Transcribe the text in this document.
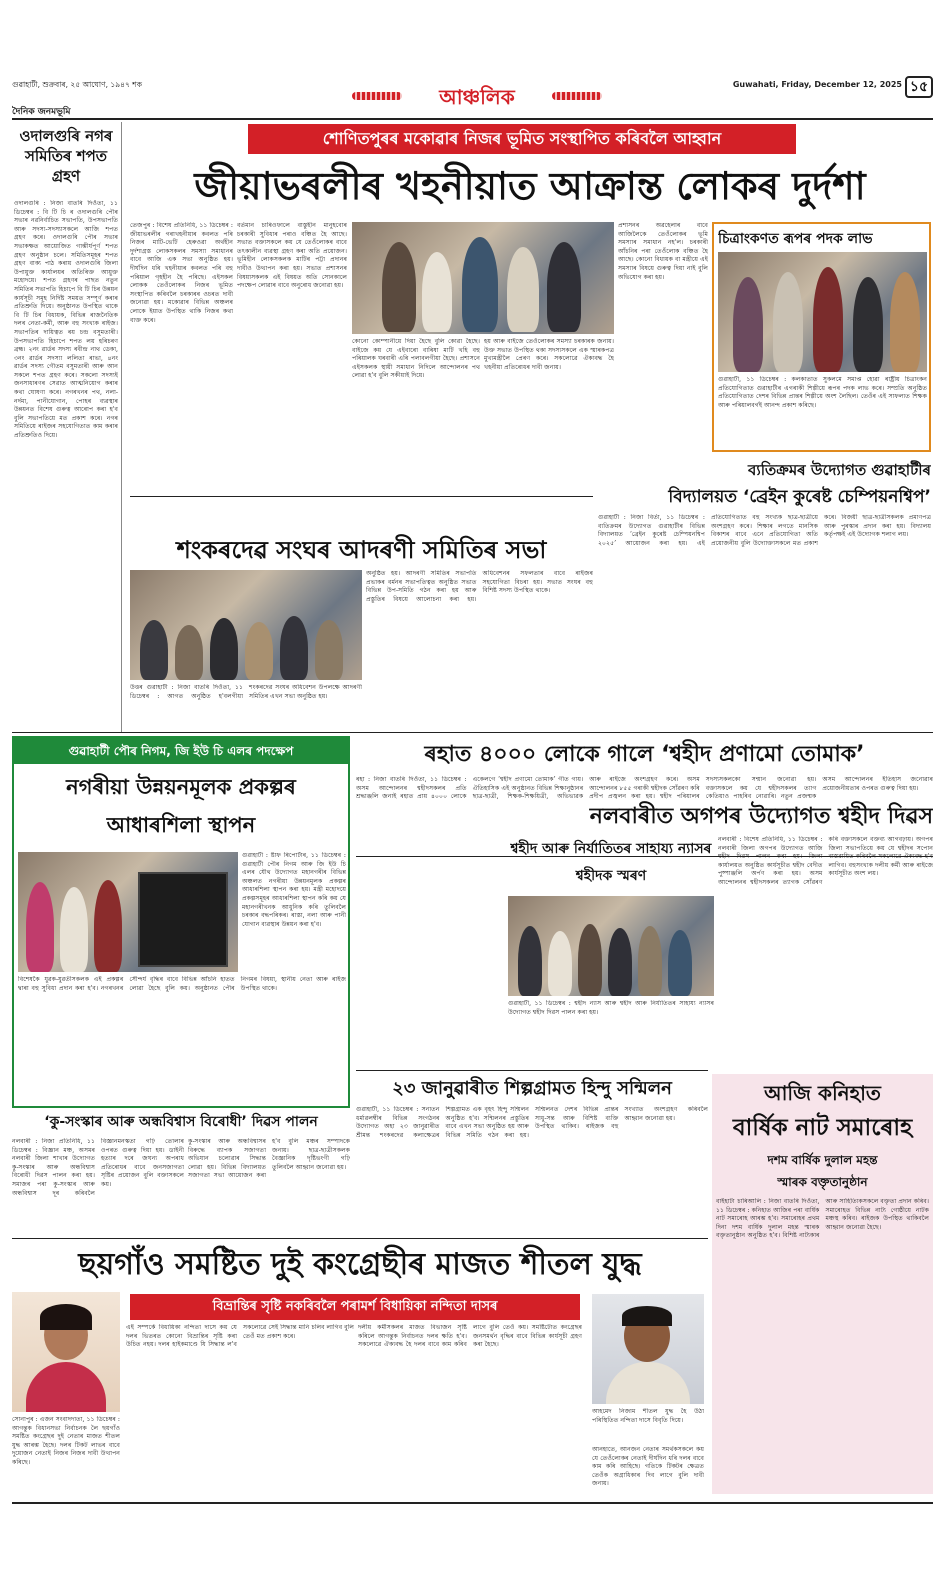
গুৱাহাটী, শুক্ৰবাৰ, ২৫ আঘোণ, ১৯৪৭ শক
দৈনিক জনমভূমি
আঞ্চলিক
Guwahati, Friday, December 12, 2025 ১৫
ওদালগুৰি নগৰ সমিতিৰ শপত গ্ৰহণ
ওদালগুৰি : নিজা বাতৰি দিওঁতা, ১১ ডিচেম্বৰ : বি টি চি ৰ ওদালগুৰি পৌৰ সভাৰ নৱনিৰ্বাচিত সভাপতি, উপসভাপতি আৰু সদস্য-সদস্যাসকলে আজি শপত গ্ৰহণ কৰে। ওদালগুৰি পৌৰ সভাৰ সভাকক্ষত আয়োজিত গাম্ভীৰ্যপূৰ্ণ শপত গ্ৰহণ অনুষ্ঠান চলে। সমিতিসমূহৰ শপত গ্ৰহণ বাক্য পাঠ কৰায় ওদালগুৰি জিলা উপায়ুক্ত কাৰ্যালয়ৰ অতিৰিক্ত আয়ুক্ত মহোদয়ে। শপত গ্ৰহণৰ পাছত নতুন সমিতিৰ সভাপতি হিচাপে বি টি চিৰ উন্নয়ন কাৰ্যসূচী সমূহ নিৰ্দিষ্ট সময়ত সম্পূৰ্ণ কৰাৰ প্ৰতিশ্ৰুতি দিয়ে। অনুষ্ঠানত উপস্থিত থাকে বি টি চিৰ বিধায়ক, বিভিন্ন ৰাজনৈতিক দলৰ নেতা-কৰ্মী, আৰু বহু সংখ্যক ৰাইজ। সভাপতিৰ দায়িত্বত ৰয় চন্দ্ৰ বসুমতাৰী। উপসভাপতি হিচাপে শপত লয় হৰিচৰণ ব্ৰহ্ম। ২নং ৱাৰ্ডৰ সদস্য ৰবীন্দ্ৰ নাথ ডেকা, ৩নং ৱাৰ্ডৰ সদস্যা ললিতা ৰাভা, ৪নং ৱাৰ্ডৰ সদস্য গৌতম বসুমতাৰী আৰু আন সকলে শপত গ্ৰহণ কৰে। সকলো সদস্যই জনসাধাৰণৰ সেৱাত আত্মনিয়োগ কৰাৰ কথা ঘোষণা কৰে। নগৰখনৰ পথ, নলা-নৰ্দমা, পানীযোগান, পোহৰ ব্যৱস্থাৰ উন্নয়নত বিশেষ গুৰুত্ব আৰোপ কৰা হ'ব বুলি সভাপতিয়ে মত প্ৰকাশ কৰে। নগৰ সমিতিয়ে ৰাইজৰ সহযোগিতাত কাম কৰাৰ প্ৰতিশ্ৰুতিও দিয়ে।
শোণিতপুৰৰ মকোৱাৰ নিজৰ ভূমিত সংস্থাপিত কৰিবলৈ আহ্বান
জীয়াভৰলীৰ খহনীয়াত আক্ৰান্ত লোকৰ দুৰ্দশা
তেজপুৰ : বিশেষ প্ৰতিনিধি, ১১ ডিচেম্বৰ : জীয়াভৰলীৰ গৰাখহনীয়াৰ কবলত পৰি নিজৰ মাটি-ভেটি হেৰুওৱা অৰ্থহীন দুৰ্দশাগ্ৰস্ত লোকসকলৰ সমস্যা সমাধানৰ বাবে আজি এক সভা অনুষ্ঠিত হয়। দীৰ্ঘদিন ধৰি খহনীয়াৰ কবলত পৰি বহু পৰিয়াল গৃহহীন হৈ পৰিছে। এইসকল লোকক তেওঁলোকৰ নিজৰ ভূমিত সংস্থাপিত কৰিবলৈ চৰকাৰৰ ওচৰত দাবী জনোৱা হয়। মকোৱাৰ বিভিন্ন অঞ্চলৰ লোকে ইয়াত উপস্থিত থাকি নিজৰ কথা ব্যক্ত কৰে।
বৰ্তমান চাৰিওফালে বাস্তুহীন মানুহবোৰ চৰকাৰী সুবিধাৰ পৰাও বঞ্চিত হৈ আছে। সভাত বক্তাসকলে কয় যে তেওঁলোকৰ বাবে তৎকালীন ব্যৱস্থা গ্ৰহণ কৰা অতি প্ৰয়োজন। ভূমিহীন লোকসকলক মাটিৰ পট্টা প্ৰদানৰ দাবীও উত্থাপন কৰা হয়। সভাত প্ৰশাসনৰ বিষয়াসকলক এই বিষয়ত অতি সোনকালে পদক্ষেপ লোৱাৰ বাবে অনুৰোধ জনোৱা হয়।
কোনো কোম্পানীয়ে দিয়া হৈছে বুলি কোৱা হৈছে। বাইজে কয় যে এইবাৰো বাৰিষা মাটি খহি বহু পৰিয়ালক ঘৰবাৰী এৰি পলাবলগীয়া হৈছে। প্ৰশাসনে এইসকলক স্থায়ী সমাধান নিদিলে আন্দোলনৰ পথ লোৱা হ'ব বুলি সকীয়াই দিয়ে।
হয় আৰু বাইজে তেওঁলোকৰ সমস্যা চৰকাৰক জনায়। উক্ত সভাত উপস্থিত থকা সদস্যসকলে এক স্মাৰকপত্ৰ মুখ্যমন্ত্ৰীলৈ প্ৰেৰণ কৰে। সকলোৱে ঐক্যবদ্ধ হৈ খহনীয়া প্ৰতিৰোধৰ দাবী জনায়।
প্ৰশাসনৰ অৱহেলাৰ বাবে আজিলৈকে তেওঁলোকৰ ভূমি সমস্যাৰ সমাধান নহ'ল। চৰকাৰী আঁচনিৰ পৰা তেওঁলোক বঞ্চিত হৈ আছে। কোনো বিধায়ক বা মন্ত্ৰীয়ে এই সমস্যাৰ বিষয়ে গুৰুত্ব দিয়া নাই বুলি অভিযোগ কৰা হয়।
চিত্ৰাংকণত ৰূপৰ পদক লাভ
গুৱাহাটী, ১১ ডিচেম্বৰ : কলকাতাত সুকলমে সমাপ্ত হোৱা ৰাষ্ট্ৰীয় চিত্ৰাংকন প্ৰতিযোগিতাত গুৱাহাটীৰ এগৰাকী শিল্পীয়ে ৰূপৰ পদক লাভ কৰে। সম্প্ৰতি অনুষ্ঠিত প্ৰতিযোগিতাত দেশৰ বিভিন্ন প্ৰান্তৰ শিল্পীয়ে অংশ লৈছিল। তেওঁৰ এই সাফল্যত শিক্ষক আৰু পৰিয়ালবৰ্গই আনন্দ প্ৰকাশ কৰিছে।
ব্যতিক্ৰমৰ উদ্যোগত গুৱাহাটীৰ
বিদ্যালয়ত ‘ব্ৰেইন কুৰেষ্ট চেম্পিয়নশ্বিপ’
গুৱাহাটী : নিজা বিৰ্তা, ১১ ডিচেম্বৰ : ব্যতিক্ৰমৰ উদ্যোগত গুৱাহাটীৰ বিভিন্ন বিদ্যালয়ত ‘ব্ৰেইন কুৰেষ্ট চেম্পিয়নশ্বিপ ২০২৫’ আয়োজন কৰা হয়। এই প্ৰতিযোগিতাত বহু সংখ্যক ছাত্ৰ-ছাত্ৰীয়ে অংশগ্ৰহণ কৰে। শিক্ষাৰ লগতে মানসিক বিকাশৰ বাবে এনে প্ৰতিযোগিতা অতি প্ৰয়োজনীয় বুলি উদ্যোক্তাসকলে মত প্ৰকাশ কৰে। বিজয়ী ছাত্ৰ-ছাত্ৰীসকলক প্ৰমাণপত্ৰ আৰু পুৰস্কাৰ প্ৰদান কৰা হয়। বিদ্যালয় কৰ্তৃপক্ষই এই উদ্যোগক শলাগ লয়।
শংকৰদেৱ সংঘৰ আদৰণী সমিতিৰ সভা
উত্তৰ গুৱাহাটী : নিজা বাতৰি দিওঁতা, ১১ ডিচেম্বৰ : আগত অনুষ্ঠিত হ'বলগীয়া শংকৰদেৱ সংঘৰ অধিবেশন উপলক্ষে আদৰণী সমিতিৰ এখন সভা অনুষ্ঠিত হয়।
অনুষ্ঠিত হয়। আদৰণী সমিতিৰ সভাপতি প্ৰভাকৰ বৰ্মনৰ সভাপতিত্বত অনুষ্ঠিত সভাত বিভিন্ন উপ-সমিতি গঠন কৰা হয় আৰু প্ৰস্তুতিৰ বিষয়ে আলোচনা কৰা হয়। অধিবেশনৰ সফলতাৰ বাবে ৰাইজৰ সহযোগিতা বিচৰা হয়। সভাত সংঘৰ বহু বিশিষ্ট সদস্য উপস্থিত থাকে।
গুৱাহাটী পৌৰ নিগম, জি ইউ চি এলৰ পদক্ষেপ
নগৰীয়া উন্নয়নমূলক প্ৰকল্পৰ আধাৰশিলা স্থাপন
গুৱাহাটী : ষ্টাফ ৰিপোৰ্টাৰ, ১১ ডিচেম্বৰ : গুৱাহাটী পৌৰ নিগম আৰু জি ইউ চি এলৰ যৌথ উদ্যোগত মহানগৰীৰ বিভিন্ন অঞ্চলত নগৰীয়া উন্নয়নমূলক প্ৰকল্পৰ আধাৰশিলা স্থাপন কৰা হয়। মন্ত্ৰী মহোদয়ে প্ৰকল্পসমূহৰ আধাৰশিলা স্থাপন কৰি কয় যে মহানগৰীখনক আধুনিক কৰি তুলিবলৈ চৰকাৰ বদ্ধপৰিকৰ। ৰাস্তা, নলা আৰু পানী যোগান ব্যৱস্থাৰ উন্নয়ন কৰা হ'ব।
বিশেষকৈ যুৱক-যুৱতীসকলক এই প্ৰকল্পৰ দ্বাৰা বহু সুবিধা প্ৰদান কৰা হ'ব। নগৰখনৰ সৌন্দৰ্য বৃদ্ধিৰ বাবে বিভিন্ন আঁচনি হাতত লোৱা হৈছে বুলি কয়। অনুষ্ঠানত পৌৰ নিগমৰ বিষয়া, স্থানীয় নেতা আৰু ৰাইজ উপস্থিত থাকে।
ৰহাত ৪০০০ লোকে গালে ‘শ্বহীদ প্ৰণামো তোমাক’
ৰহা : নিজা বাতৰি দিওঁতা, ১১ ডিচেম্বৰ : অসম আন্দোলনৰ শ্বহীদসকলৰ প্ৰতি শ্ৰদ্ধাঞ্জলি জনাই ৰহাত প্ৰায় ৪০০০ লোকে একেলগে ‘শ্বহীদ প্ৰণামো তোমাক’ গীত গায়। ঐতিহাসিক এই অনুষ্ঠানত বিভিন্ন শিক্ষানুষ্ঠানৰ ছাত্ৰ-ছাত্ৰী, শিক্ষক-শিক্ষয়িত্ৰী, অভিভাৱক আৰু ৰাইজে অংশগ্ৰহণ কৰে। অসম আন্দোলনৰ ৮৫৫ গৰাকী শ্বহীদক সোঁৱৰণ কৰি প্ৰদীপ প্ৰজ্বলন কৰা হয়। শ্বহীদ পৰিয়ালৰ সদস্যসকলকো সন্মান জনোৱা হয়। বক্তাসকলে কয় যে শ্বহীদসকলৰ ত্যাগ কেতিয়াও পাহৰিব নোৱাৰি। নতুন প্ৰজন্মক অসম আন্দোলনৰ ইতিহাস জনোৱাৰ প্ৰয়োজনীয়তাৰ ওপৰত গুৰুত্ব দিয়া হয়।
নলবাৰীত অগপৰ উদ্যোগত শ্বহীদ দিৱস
নলবাৰী : বিশেষ প্ৰতিনিধি, ১১ ডিচেম্বৰ : নলবাৰী জিলা অগপৰ উদ্যোগত আজি শ্বহীদ দিৱস পালন কৰা হয়। জিলা কাৰ্যালয়ত অনুষ্ঠিত কাৰ্যসূচীত শ্বহীদ বেদীত পুষ্পাঞ্জলি অৰ্পণ কৰা হয়। অসম আন্দোলনৰ শ্বহীদসকলৰ ত্যাগক সোঁৱৰণ কৰি বক্তাসকলে বক্তব্য আগবঢ়ায়। অগপৰ জিলা সভাপতিয়ে কয় যে শ্বহীদৰ সপোন বাস্তৱায়িত কৰিবলৈ সকলোৱে ঐক্যবদ্ধ হ'ব লাগিব। বহুসংখ্যক দলীয় কৰ্মী আৰু ৰাইজে কাৰ্যসূচীত অংশ লয়।
শ্বহীদ আৰু নিৰ্যাতিতৰ সাহায্য ন্যাসৰ শ্বহীদক স্মৰণ
গুৱাহাটী, ১১ ডিচেম্বৰ : শ্বহীদ ন্যাস আৰু শ্বহীদ আৰু নিৰ্যাতিতৰ সাহায্য ন্যাসৰ উদ্যোগত শ্বহীদ দিৱস পালন কৰা হয়।
২৩ জানুৱাৰীত শিল্পগ্ৰামত হিন্দু সন্মিলন
গুৱাহাটী, ১১ ডিচেম্বৰ : সনাতন ধৰ্মাৱলম্বীৰ বিভিন্ন সংগঠনৰ উদ্যোগত অহা ২৩ জানুৱাৰীত শ্ৰীমন্ত শংকৰদেৱ কলাক্ষেত্ৰৰ শিল্পগ্ৰামত এক বৃহৎ হিন্দু সন্মিলন অনুষ্ঠিত হ'ব। সন্মিলনৰ প্ৰস্তুতিৰ বাবে এখন সভা অনুষ্ঠিত হয় আৰু বিভিন্ন সমিতি গঠন কৰা হয়। সন্মিলনত দেশৰ বিভিন্ন প্ৰান্তৰ সাধু-সন্ত আৰু বিশিষ্ট ব্যক্তি উপস্থিত থাকিব। ৰাইজক বহু সংখ্যাত অংশগ্ৰহণ কৰিবলৈ আহ্বান জনোৱা হয়।
‘কু-সংস্কাৰ আৰু অন্ধবিশ্বাস বিৰোধী’ দিৱস পালন
নলবাৰী : নিজা প্ৰতিনিধি, ১১ ডিচেম্বৰ : বিজ্ঞান মঞ্চ, অসমৰ নলবাৰী জিলা শাখাৰ উদ্যোগত কু-সংস্কাৰ আৰু অন্ধবিশ্বাস বিৰোধী দিৱস পালন কৰা হয়। সমাজৰ পৰা কু-সংস্কাৰ আৰু অন্ধবিশ্বাস দূৰ কৰিবলৈ বিজ্ঞানমনস্কতা গঢ়ি তোলাৰ ওপৰত গুৰুত্ব দিয়া হয়। ডাইনী হত্যাৰ দৰে জঘন্য অপৰাধ প্ৰতিৰোধৰ বাবে জনসজাগতা সৃষ্টিৰ প্ৰয়োজন বুলি বক্তাসকলে কয়।
কু-সংস্কাৰ আৰু অন্ধবিশ্বাসৰ বিৰুদ্ধে ব্যাপক সজাগতা অভিযান চলোৱাৰ সিদ্ধান্ত লোৱা হয়। বিভিন্ন বিদ্যালয়ত সজাগতা সভা আয়োজন কৰা হ'ব বুলি মঞ্চৰ সম্পাদকে জনায়। ছাত্ৰ-ছাত্ৰীসকলক বৈজ্ঞানিক দৃষ্টিভংগী গঢ়ি তুলিবলৈ আহ্বান জনোৱা হয়।
আজি কনিহাত
বাৰ্ষিক নাট সমাৰোহ
দশম বাৰ্ষিক দুলাল মহন্ত
স্মাৰক বক্তৃতানুষ্ঠান
বাইহাটা চাৰিআলি : নিজা বাতৰি দিওঁতা, ১১ ডিচেম্বৰ : কনিহাত আজিৰ পৰা বাৰ্ষিক নাট সমাৰোহ আৰম্ভ হ'ব। সমাৰোহৰ প্ৰথম দিনা দশম বাৰ্ষিক দুলাল মহন্ত স্মাৰক বক্তৃতানুষ্ঠান অনুষ্ঠিত হ'ব। বিশিষ্ট নাট্যকাৰ আৰু সাহিত্যিকসকলে বক্তৃতা প্ৰদান কৰিব। সমাৰোহত বিভিন্ন নাট্য গোষ্ঠীয়ে নাটক মঞ্চস্থ কৰিব। ৰাইজক উপস্থিত থাকিবলৈ আহ্বান জনোৱা হৈছে।
ছয়গাঁও সমষ্টিত দুই কংগ্ৰেছীৰ মাজত শীতল যুদ্ধ
সোনাপুৰ : এজন সংবাদদাতা, ১১ ডিচেম্বৰ : আগন্তুক বিধানসভা নিৰ্বাচনক লৈ ছয়গাঁও সমষ্টিত কংগ্ৰেছৰ দুই নেতাৰ মাজত শীতল যুদ্ধ আৰম্ভ হৈছে। দলৰ টিকট লাভৰ বাবে দুয়োজন নেতাই নিজৰ নিজৰ দাবী উত্থাপন কৰিছে।
বিভ্ৰান্তিৰ সৃষ্টি নকৰিবলৈ পৰামৰ্শ বিধায়িকা নন্দিতা দাসৰ
এই সম্পৰ্কে বিধায়িকা নন্দিতা দাসে কয় যে দলৰ ভিতৰত কোনো বিভ্ৰান্তিৰ সৃষ্টি কৰা উচিত নহয়। দলৰ হাইকমাণ্ডে যি সিদ্ধান্ত ল'ব সকলোৱে সেই সিদ্ধান্ত মানি চলিব লাগিব বুলি তেওঁ মত প্ৰকাশ কৰে।
দলীয় কৰ্মীসকলৰ মাজত বিভাজন সৃষ্টি কৰিলে আগন্তুক নিৰ্বাচনত দলৰ ক্ষতি হ'ব। সকলোৱে ঐক্যবদ্ধ হৈ দলৰ বাবে কাম কৰিব লাগে বুলি তেওঁ কয়। সমষ্টিটোত কংগ্ৰেছৰ জনসমৰ্থন বৃদ্ধিৰ বাবে বিভিন্ন কাৰ্যসূচী গ্ৰহণ কৰা হৈছে।
আহমেদ নিজাম শীতল যুদ্ধ হৈ উঠা পৰিস্থিতিত নন্দিতা দাসে বিবৃতি দিয়ে।
আনহাতে, আনজন নেতাৰ সমৰ্থকসকলে কয় যে তেওঁলোকৰ নেতাই দীৰ্ঘদিন ধৰি দলৰ বাবে কাম কৰি আহিছে। গতিকে টিকটৰ ক্ষেত্ৰত তেওঁক অগ্ৰাধিকাৰ দিব লাগে বুলি দাবী জনায়।
